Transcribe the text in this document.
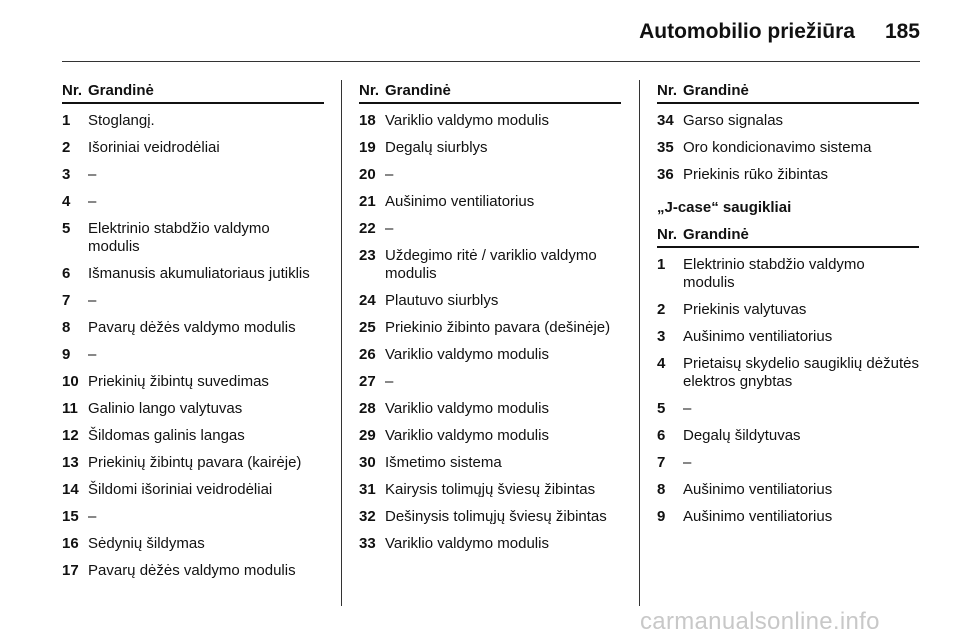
Automobilio priežiūra 185
Nr.	Grandinė
1	Stoglangį.
2	Išoriniai veidrodėliai
3	–
4	–
5	Elektrinio stabdžio valdymo modulis
6	Išmanusis akumuliatoriaus jutiklis
7	–
8	Pavarų dėžės valdymo modulis
9	–
10	Priekinių žibintų suvedimas
11	Galinio lango valytuvas
12	Šildomas galinis langas
13	Priekinių žibintų pavara (kairėje)
14	Šildomi išoriniai veidrodėliai
15	–
16	Sėdynių šildymas
17	Pavarų dėžės valdymo modulis
Nr.	Grandinė
18	Variklio valdymo modulis
19	Degalų siurblys
20	–
21	Aušinimo ventiliatorius
22	–
23	Uždegimo ritė / variklio valdymo modulis
24	Plautuvo siurblys
25	Priekinio žibinto pavara (dešinėje)
26	Variklio valdymo modulis
27	–
28	Variklio valdymo modulis
29	Variklio valdymo modulis
30	Išmetimo sistema
31	Kairysis tolimųjų šviesų žibintas
32	Dešinysis tolimųjų šviesų žibintas
33	Variklio valdymo modulis
Nr.	Grandinė
34	Garso signalas
35	Oro kondicionavimo sistema
36	Priekinis rūko žibintas
„J-case“ saugikliai
Nr.	Grandinė
1	Elektrinio stabdžio valdymo modulis
2	Priekinis valytuvas
3	Aušinimo ventiliatorius
4	Prietaisų skydelio saugiklių dėžutės elektros gnybtas
5	–
6	Degalų šildytuvas
7	–
8	Aušinimo ventiliatorius
9	Aušinimo ventiliatorius
carmanualsonline.info
